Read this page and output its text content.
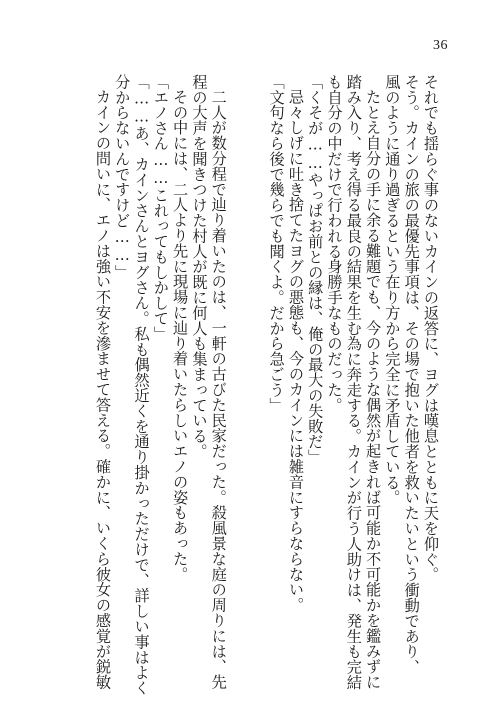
36
それでも揺らぐ事のないカインの返答に、ヨグは嘆息とともに天を仰ぐ。
そう。カインの旅の最優先事項は、その場で抱いた他者を救いたいという衝動であり、
風のように通り過ぎるという在り方から完全に矛盾している。
たとえ自分の手に余る難題でも、今のような偶然が起きれば可能か不可能かを鑑みずに
踏み入り、考え得る最良の結果を生む為に奔走する。カインが行う人助けは、発生も完結
も自分の中だけで行われる身勝手なものだった。
「くそが……やっぱお前との縁は、俺の最大の失敗だ」
忌々しげに吐き捨てたヨグの悪態も、今のカインには雑音にすらならない。
「文句なら後で幾らでも聞くよ。だから急ごう」

二人が数分程で辿り着いたのは、一軒の古びた民家だった。殺風景な庭の周りには、先
程の大声を聞きつけた村人が既に何人も集まっている。
その中には、二人より先に現場に辿り着いたらしいエノの姿もあった。
「エノさん……これってもしかして」
「……あ、カインさんとヨグさん。私も偶然近くを通り掛かっただけで、詳しい事はよく
分からないんですけど……」
カインの問いに、エノは強い不安を滲ませて答える。確かに、いくら彼女の感覚が鋭敏
